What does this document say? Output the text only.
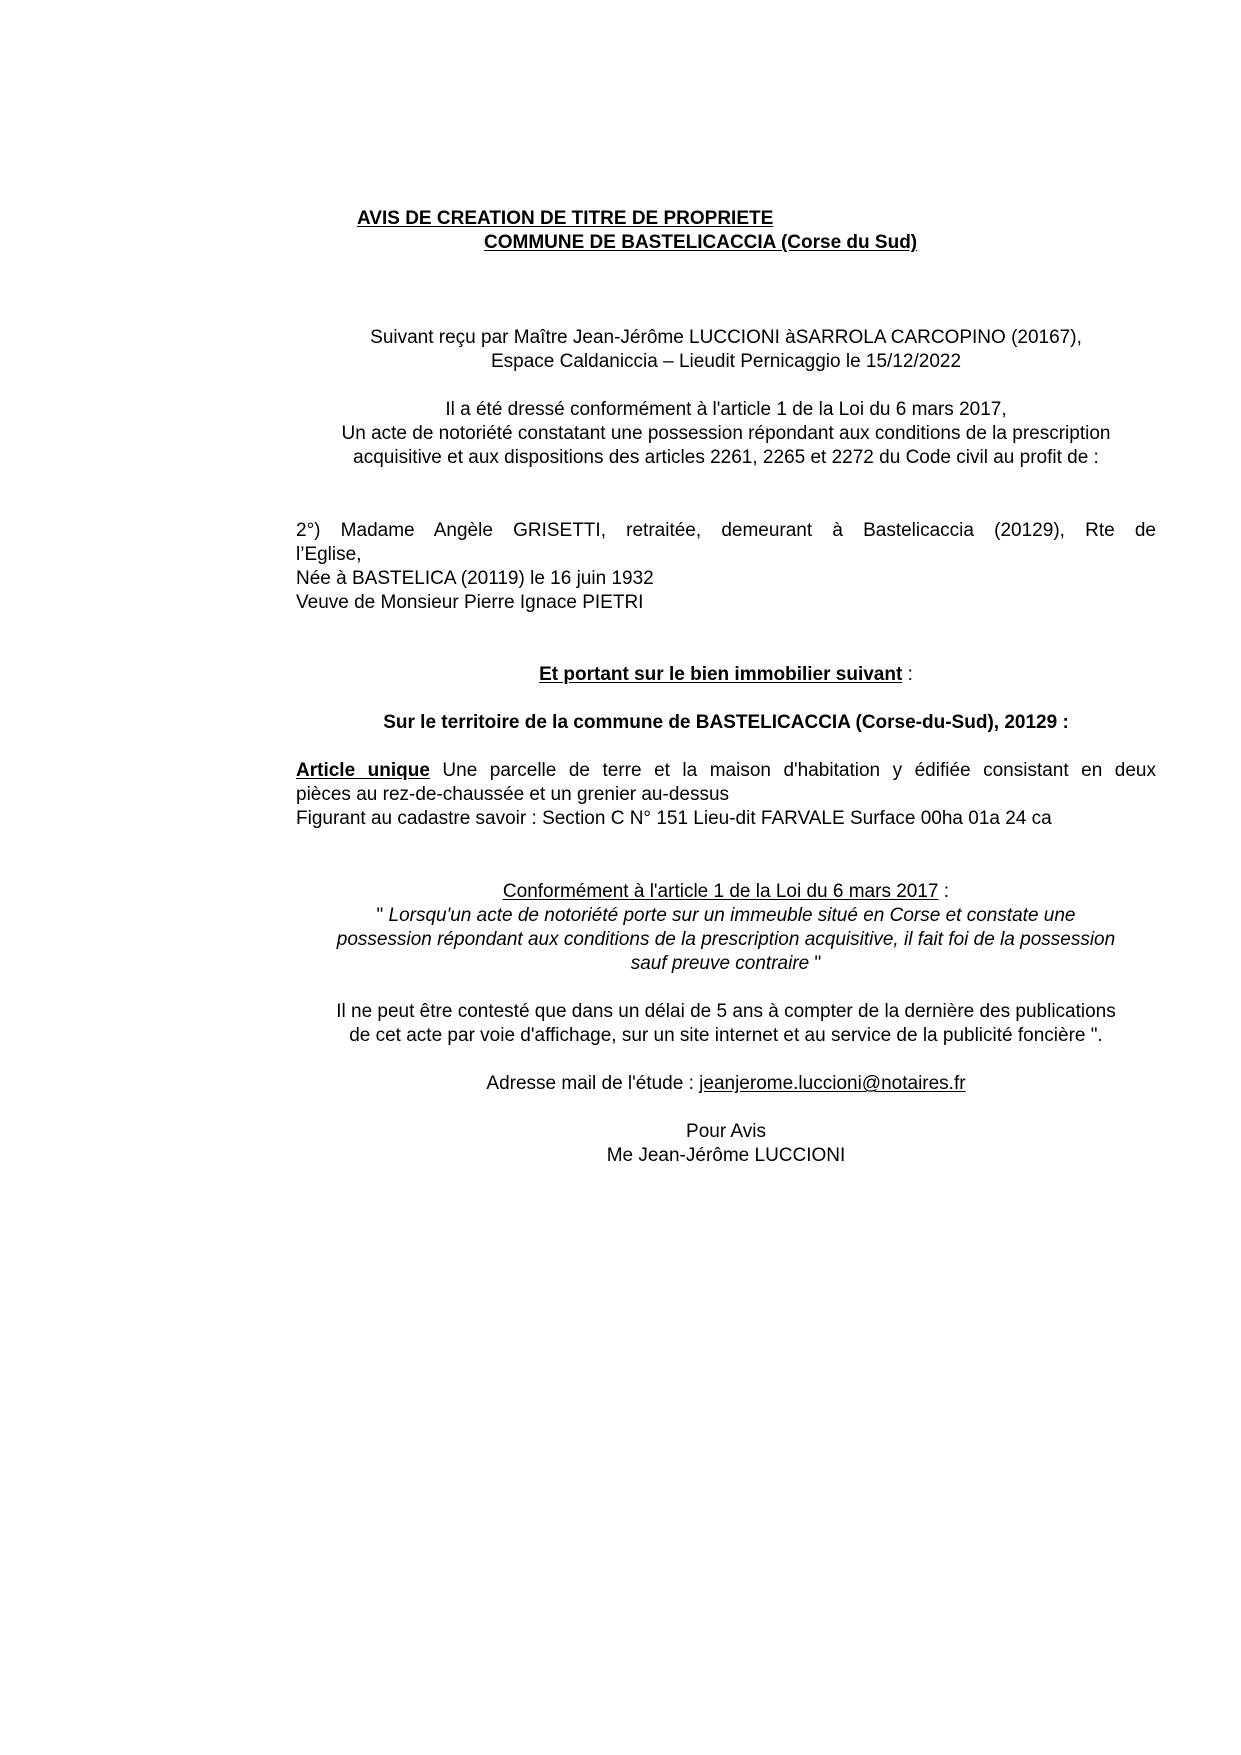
AVIS DE CREATION DE TITRE DE PROPRIETE
COMMUNE DE BASTELICACCIA (Corse du Sud)
Suivant reçu par Maître Jean-Jérôme LUCCIONI àSARROLA CARCOPINO (20167),
Espace Caldaniccia – Lieudit Pernicaggio le 15/12/2022
Il a été dressé conformément à l'article 1 de la Loi du 6 mars 2017,
Un acte de notoriété constatant une possession répondant aux conditions de la prescription
acquisitive et aux dispositions des articles 2261, 2265 et 2272 du Code civil au profit de :
2°) Madame Angèle GRISETTI, retraitée, demeurant à Bastelicaccia (20129), Rte de
l’Eglise,
Née à BASTELICA (20119) le 16 juin 1932
Veuve de Monsieur Pierre Ignace PIETRI
Et portant sur le bien immobilier suivant :
Sur le territoire de la commune de BASTELICACCIA (Corse-du-Sud), 20129 :
Article unique Une parcelle de terre et la maison d'habitation y édifiée consistant en deux
pièces au rez-de-chaussée et un grenier au-dessus
Figurant au cadastre savoir : Section C N° 151 Lieu-dit FARVALE Surface 00ha 01a 24 ca
Conformément à l'article 1 de la Loi du 6 mars 2017 :
" Lorsqu'un acte de notoriété porte sur un immeuble situé en Corse et constate une
possession répondant aux conditions de la prescription acquisitive, il fait foi de la possession
sauf preuve contraire "
Il ne peut être contesté que dans un délai de 5 ans à compter de la dernière des publications
de cet acte par voie d'affichage, sur un site internet et au service de la publicité foncière ".
Adresse mail de l'étude : jeanjerome.luccioni@notaires.fr
Pour Avis
Me Jean-Jérôme LUCCIONI
